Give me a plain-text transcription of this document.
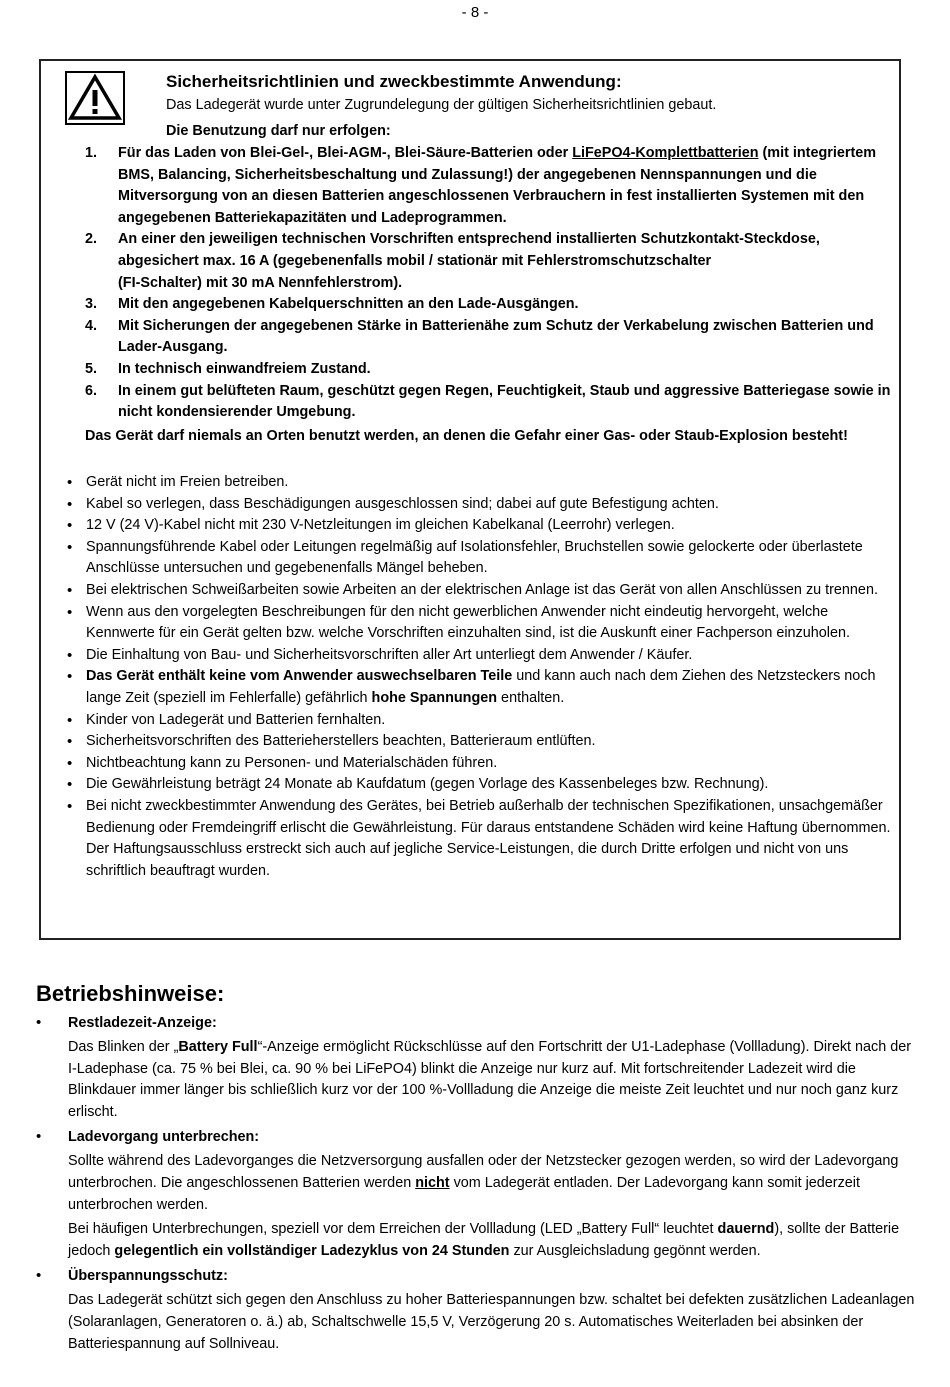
- 8 -
Sicherheitsrichtlinien und zweckbestimmte Anwendung:
Das Ladegerät wurde unter Zugrundelegung der gültigen Sicherheitsrichtlinien gebaut.
Die Benutzung darf nur erfolgen:
1. Für das Laden von Blei-Gel-, Blei-AGM-, Blei-Säure-Batterien oder LiFePO4-Komplettbatterien (mit integriertem BMS, Balancing, Sicherheitsbeschaltung und Zulassung!) der angegebenen Nennspannungen und die Mitversorgung von an diesen Batterien angeschlossenen Verbrauchern in fest installierten Systemen mit den angegebenen Batteriekapazitäten und Ladeprogrammen.
2. An einer den jeweiligen technischen Vorschriften entsprechend installierten Schutzkontakt-Steckdose, abgesichert max. 16 A (gegebenenfalls mobil / stationär mit Fehlerstromschutzschalter
(FI-Schalter) mit 30 mA Nennfehlerstrom).
3. Mit den angegebenen Kabelquerschnitten an den Lade-Ausgängen.
4. Mit Sicherungen der angegebenen Stärke in Batterienähe zum Schutz der Verkabelung zwischen Batterien und Lader-Ausgang.
5. In technisch einwandfreiem Zustand.
6. In einem gut belüfteten Raum, geschützt gegen Regen, Feuchtigkeit, Staub und aggressive Batteriegase sowie in nicht kondensierender Umgebung.
Das Gerät darf niemals an Orten benutzt werden, an denen die Gefahr einer Gas- oder Staub-Explosion besteht!
• Gerät nicht im Freien betreiben.
• Kabel so verlegen, dass Beschädigungen ausgeschlossen sind; dabei auf gute Befestigung achten.
• 12 V (24 V)-Kabel nicht mit 230 V-Netzleitungen im gleichen Kabelkanal (Leerrohr) verlegen.
• Spannungsführende Kabel oder Leitungen regelmäßig auf Isolationsfehler, Bruchstellen sowie gelockerte oder überlastete Anschlüsse untersuchen und gegebenenfalls Mängel beheben.
• Bei elektrischen Schweißarbeiten sowie Arbeiten an der elektrischen Anlage ist das Gerät von allen Anschlüssen zu trennen.
• Wenn aus den vorgelegten Beschreibungen für den nicht gewerblichen Anwender nicht eindeutig hervorgeht, welche Kennwerte für ein Gerät gelten bzw. welche Vorschriften einzuhalten sind, ist die Auskunft einer Fachperson einzuholen.
• Die Einhaltung von Bau- und Sicherheitsvorschriften aller Art unterliegt dem Anwender / Käufer.
• Das Gerät enthält keine vom Anwender auswechselbaren Teile und kann auch nach dem Ziehen des Netzsteckers noch lange Zeit (speziell im Fehlerfalle) gefährlich hohe Spannungen enthalten.
• Kinder von Ladegerät und Batterien fernhalten.
• Sicherheitsvorschriften des Batterieherstellers beachten, Batterieraum entlüften.
• Nichtbeachtung kann zu Personen- und Materialschäden führen.
• Die Gewährleistung beträgt 24 Monate ab Kaufdatum (gegen Vorlage des Kassenbeleges bzw. Rechnung).
• Bei nicht zweckbestimmter Anwendung des Gerätes, bei Betrieb außerhalb der technischen Spezifikationen, unsachgemäßer Bedienung oder Fremdeingriff erlischt die Gewährleistung. Für daraus entstandene Schäden wird keine Haftung übernommen. Der Haftungsausschluss erstreckt sich auch auf jegliche Service-Leistungen, die durch Dritte erfolgen und nicht von uns schriftlich beauftragt wurden.
Betriebshinweise:
• Restladezeit-Anzeige:
Das Blinken der „Battery Full“-Anzeige ermöglicht Rückschlüsse auf den Fortschritt der U1-Ladephase (Vollladung). Direkt nach der I-Ladephase (ca. 75 % bei Blei, ca. 90 % bei LiFePO4) blinkt die Anzeige nur kurz auf. Mit fortschreitender Ladezeit wird die Blinkdauer immer länger bis schließlich kurz vor der 100 %-Vollladung die Anzeige die meiste Zeit leuchtet und nur noch ganz kurz erlischt.
• Ladevorgang unterbrechen:
Sollte während des Ladevorganges die Netzversorgung ausfallen oder der Netzstecker gezogen werden, so wird der Ladevorgang unterbrochen. Die angeschlossenen Batterien werden nicht vom Ladegerät entladen. Der Ladevorgang kann somit jederzeit unterbrochen werden.
Bei häufigen Unterbrechungen, speziell vor dem Erreichen der Vollladung (LED „Battery Full“ leuchtet dauernd), sollte der Batterie jedoch gelegentlich ein vollständiger Ladezyklus von 24 Stunden zur Ausgleichsladung gegönnt werden.
• Überspannungsschutz:
Das Ladegerät schützt sich gegen den Anschluss zu hoher Batteriespannungen bzw. schaltet bei defekten zusätzlichen Ladeanlagen (Solaranlagen, Generatoren o. ä.) ab, Schaltschwelle 15,5 V, Verzögerung 20 s. Automatisches Weiterladen bei absinken der Batteriespannung auf Sollniveau.
